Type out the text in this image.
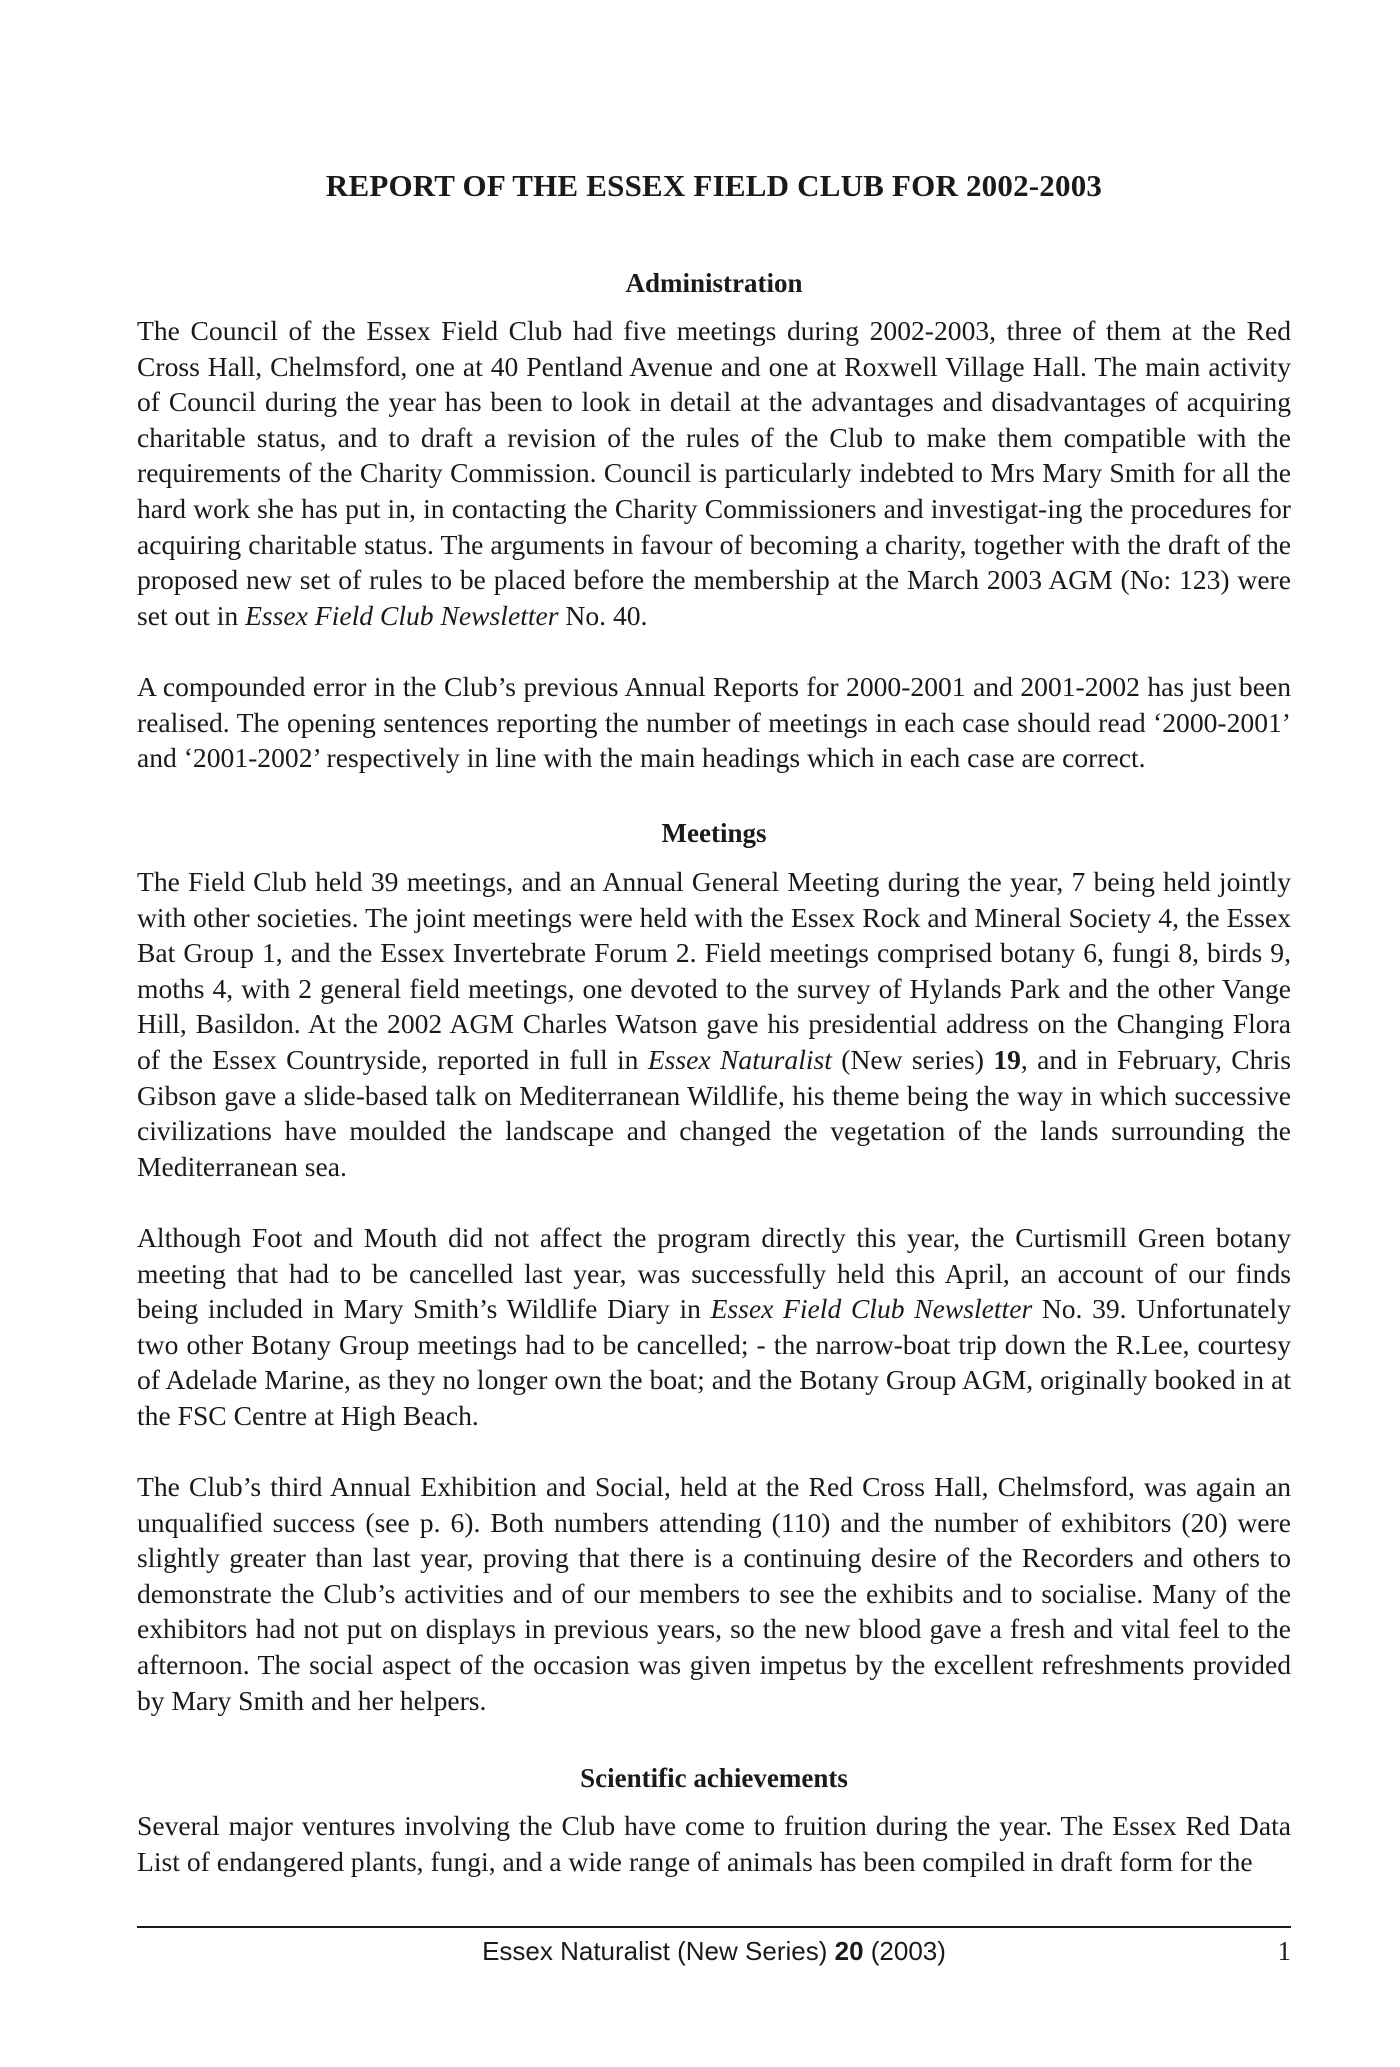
REPORT OF THE ESSEX FIELD CLUB FOR 2002-2003
Administration

The Council of the Essex Field Club had five meetings during 2002-2003, three of them at the Red Cross Hall, Chelmsford, one at 40 Pentland Avenue and one at Roxwell Village Hall. The main activity of Council during the year has been to look in detail at the advantages and disadvantages of acquiring charitable status, and to draft a revision of the rules of the Club to make them compatible with the requirements of the Charity Commission. Council is particularly indebted to Mrs Mary Smith for all the hard work she has put in, in contacting the Charity Commissioners and investigat-ing the procedures for acquiring charitable status. The arguments in favour of becoming a charity, together with the draft of the proposed new set of rules to be placed before the membership at the March 2003 AGM (No: 123) were set out in Essex Field Club Newsletter No. 40.

A compounded error in the Club’s previous Annual Reports for 2000-2001 and 2001-2002 has just been realised. The opening sentences reporting the number of meetings in each case should read ‘2000-2001’ and ‘2001-2002’ respectively in line with the main headings which in each case are correct.

Meetings

The Field Club held 39 meetings, and an Annual General Meeting during the year, 7 being held jointly with other societies. The joint meetings were held with the Essex Rock and Mineral Society 4, the Essex Bat Group 1, and the Essex Invertebrate Forum 2. Field meetings comprised botany 6, fungi 8, birds 9, moths 4, with 2 general field meetings, one devoted to the survey of Hylands Park and the other Vange Hill, Basildon. At the 2002 AGM Charles Watson gave his presidential address on the Changing Flora of the Essex Countryside, reported in full in Essex Naturalist (New series) 19, and in February, Chris Gibson gave a slide-based talk on Mediterranean Wildlife, his theme being the way in which successive civilizations have moulded the landscape and changed the vegetation of the lands surrounding the Mediterranean sea.

Although Foot and Mouth did not affect the program directly this year, the Curtismill Green botany meeting that had to be cancelled last year, was successfully held this April, an account of our finds being included in Mary Smith’s Wildlife Diary in Essex Field Club Newsletter No. 39. Unfortunately two other Botany Group meetings had to be cancelled; - the narrow-boat trip down the R.Lee, courtesy of Adelade Marine, as they no longer own the boat; and the Botany Group AGM, originally booked in at the FSC Centre at High Beach.

The Club’s third Annual Exhibition and Social, held at the Red Cross Hall, Chelmsford, was again an unqualified success (see p. 6). Both numbers attending (110) and the number of exhibitors (20) were slightly greater than last year, proving that there is a continuing desire of the Recorders and others to demonstrate the Club’s activities and of our members to see the exhibits and to socialise. Many of the exhibitors had not put on displays in previous years, so the new blood gave a fresh and vital feel to the afternoon. The social aspect of the occasion was given impetus by the excellent refreshments provided by Mary Smith and her helpers.

Scientific achievements

Several major ventures involving the Club have come to fruition during the year. The Essex Red Data List of endangered plants, fungi, and a wide range of animals has been compiled in draft form for the

Essex Naturalist (New Series) 20 (2003)	1
